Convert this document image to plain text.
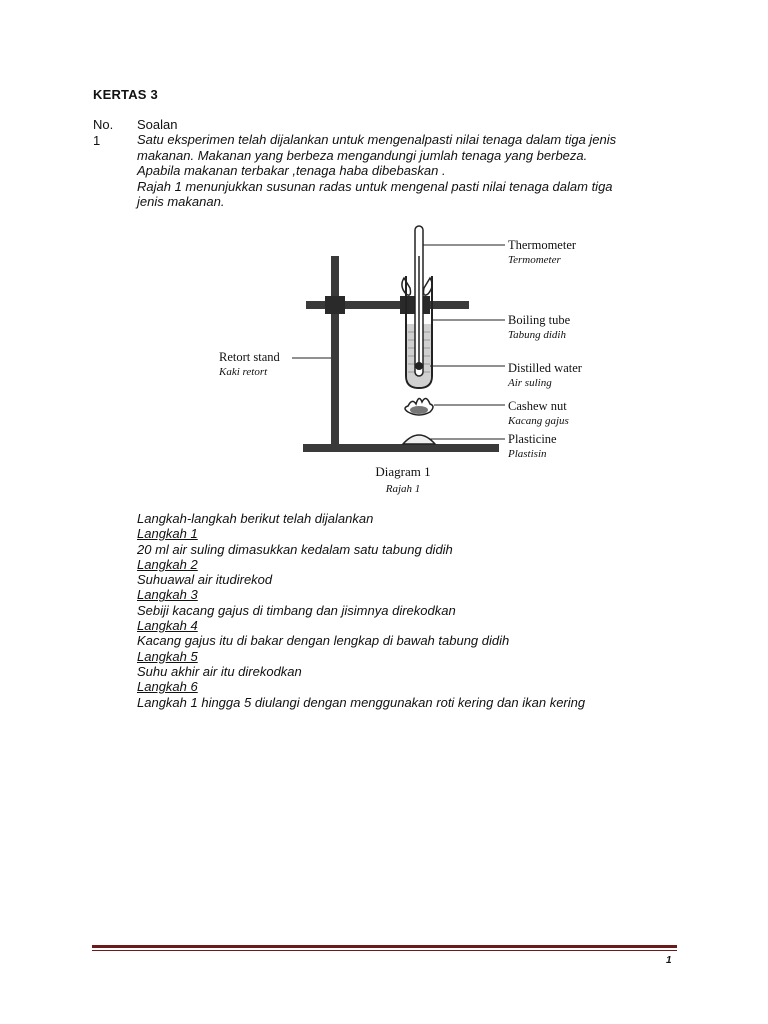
KERTAS 3
No. Soalan
1	Satu eksperimen telah dijalankan untuk mengenalpasti nilai tenaga dalam tiga jenis
makanan. Makanan yang berbeza mengandungi jumlah tenaga yang berbeza.
Apabila makanan terbakar ,tenaga haba dibebaskan .
Rajah 1 menunjukkan susunan radas untuk mengenal pasti nilai tenaga dalam tiga
jenis makanan.
Thermometer
Termometer
Boiling tube
Tabung didih
Distilled water
Air suling
Cashew nut
Kacang gajus
Plasticine
Plastisin
Retort stand
Kaki retort
Diagram 1
Rajah 1
Langkah-langkah berikut telah dijalankan
Langkah 1
20 ml air suling dimasukkan kedalam satu tabung didih
Langkah 2
Suhuawal air itudirekod
Langkah 3
Sebiji kacang gajus di timbang dan jisimnya direkodkan
Langkah 4
Kacang gajus itu di bakar dengan lengkap di bawah tabung didih
Langkah 5
Suhu akhir air itu direkodkan
Langkah 6
Langkah 1 hingga 5 diulangi dengan menggunakan roti kering dan ikan kering
1
